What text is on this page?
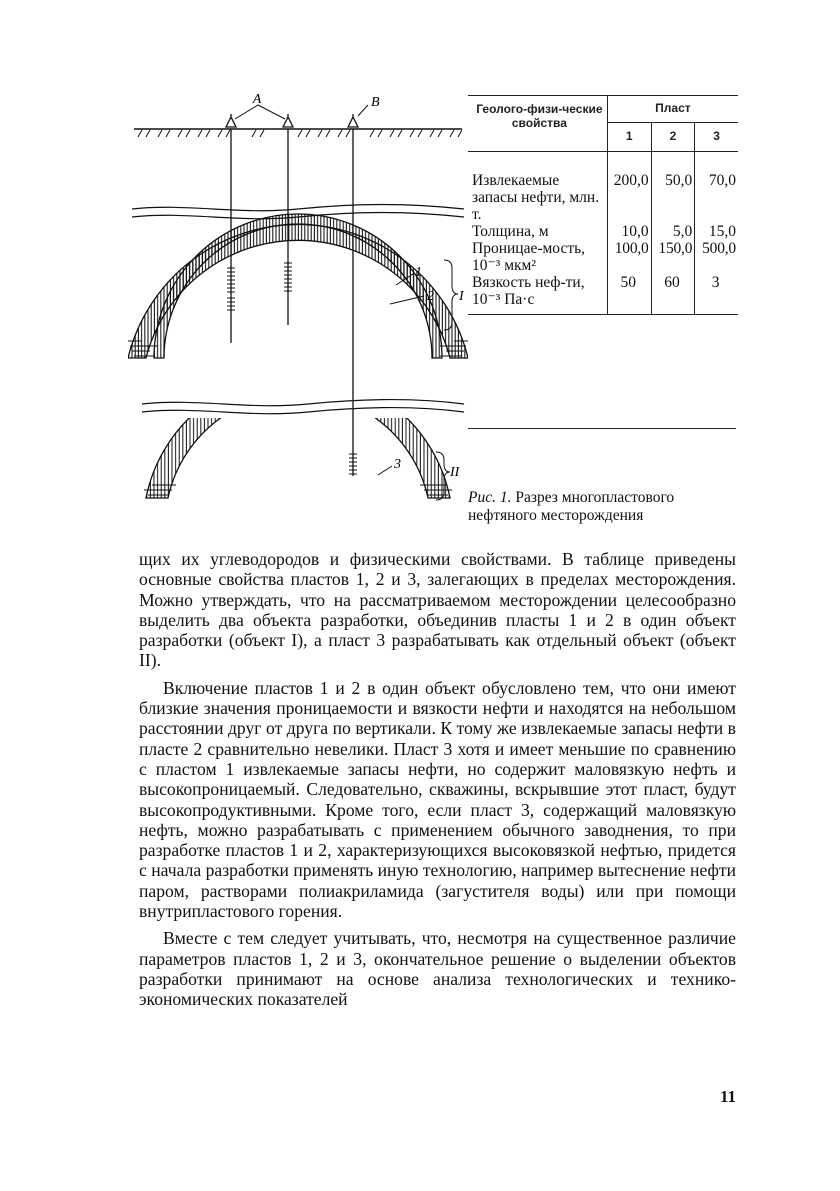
А	В
1
2 I
3
II
Геолого-физи-ческие свойства	Пласт		
	1	2	3
Извлекаемые запасы нефти, млн. т.	200,0	50,0	70,0
Толщина, м	10,0	5,0	15,0
Проницае-мость, 10⁻³ мкм²	100,0	150,0	500,0
Вязкость неф-ти, 10⁻³ Па·с	50	60	3
Рис. 1. Разрез многопластового нефтяного месторождения

щих их углеводородов и физическими свойствами. В таблице приведены основные свойства пластов 1, 2 и 3, залегающих в пределах месторождения. Можно утверждать, что на рассматриваемом месторождении целесообразно выделить два объекта разработки, объединив пласты 1 и 2 в один объект разработки (объект I), а пласт 3 разрабатывать как отдельный объект (объект II).

Включение пластов 1 и 2 в один объект обусловлено тем, что они имеют близкие значения проницаемости и вязкости нефти и находятся на небольшом расстоянии друг от друга по вертикали. К тому же извлекаемые запасы нефти в пласте 2 сравнительно невелики. Пласт 3 хотя и имеет меньшие по сравнению с пластом 1 извлекаемые запасы нефти, но содержит маловязкую нефть и высокопроницаемый. Следовательно, скважины, вскрывшие этот пласт, будут высокопродуктивными. Кроме того, если пласт 3, содержащий маловязкую нефть, можно разрабатывать с применением обычного заводнения, то при разработке пластов 1 и 2, характеризующихся высоковязкой нефтью, придется с начала разработки применять иную технологию, например вытеснение нефти паром, растворами полиакриламида (загустителя воды) или при помощи внутрипластового горения.

Вместе с тем следует учитывать, что, несмотря на существенное различие параметров пластов 1, 2 и 3, окончательное решение о выделении объектов разработки принимают на основе анализа технологических и технико-экономических показателей

11
